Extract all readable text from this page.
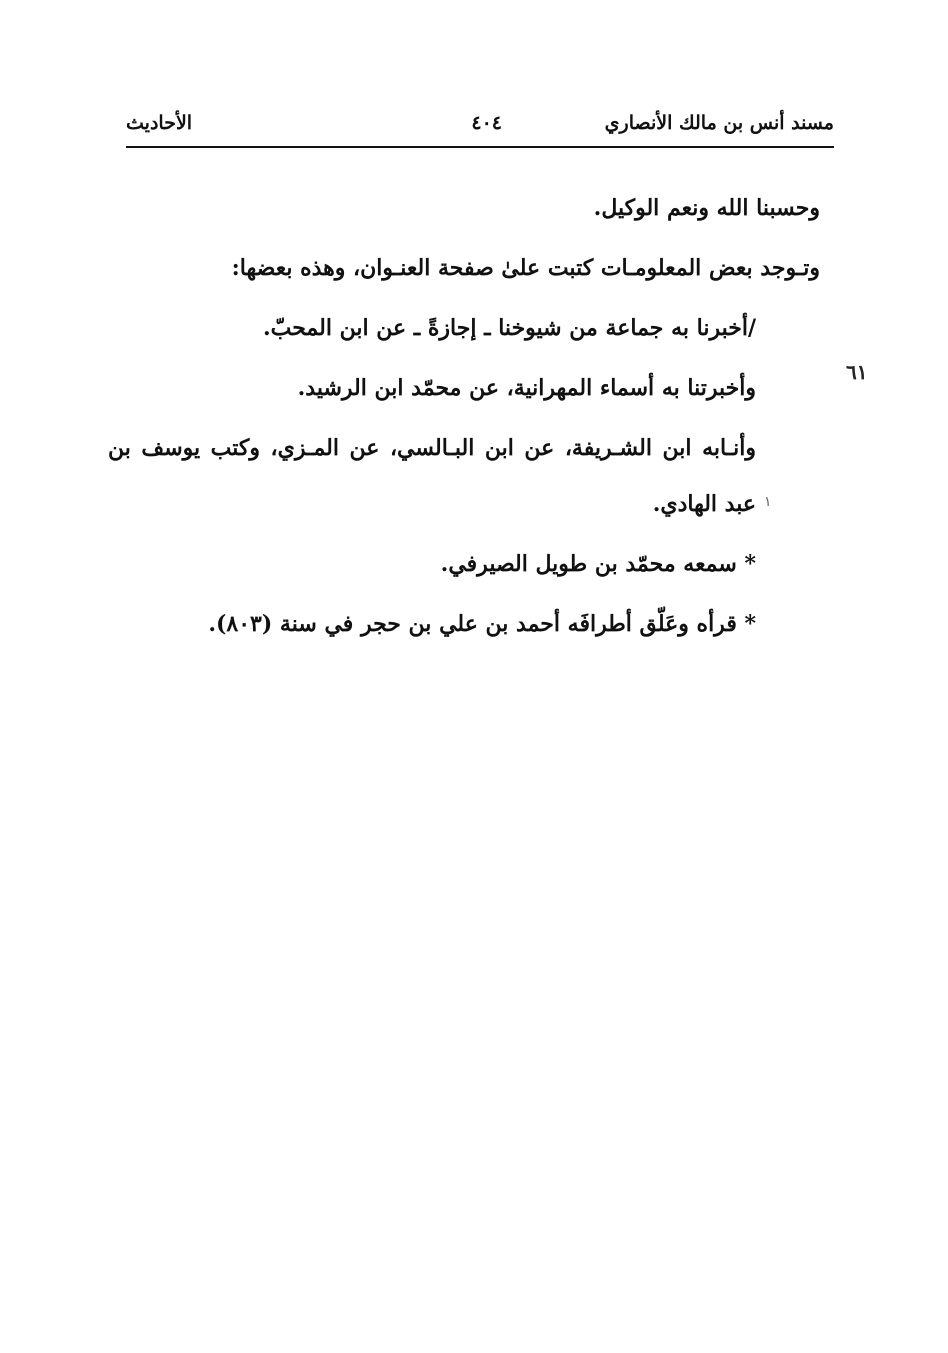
مسند أنس بن مالك الأنصاري
٤٠٤
الأحاديث
٦١
١

وحسبنا الله ونعم الوكيل.

وتـوجد بعض المعلومـات كتبت علىٰ صفحة العنـوان، وهذه بعضها:

/أخبرنا به جماعة من شيوخنا ـ إجازةً ـ عن ابن المحبّ.

وأخبرتنا به أسماء المهرانية، عن محمّد ابن الرشيد.

وأنـابه ابن الشـريفة، عن ابن البـالسي، عن المـزي، وكتب يوسف بن عبد الهادي.

* سمعه محمّد بن طويل الصيرفي.

* قرأه وعَلّق أطرافَه أحمد بن علي بن حجر في سنة (٨٠٣).
